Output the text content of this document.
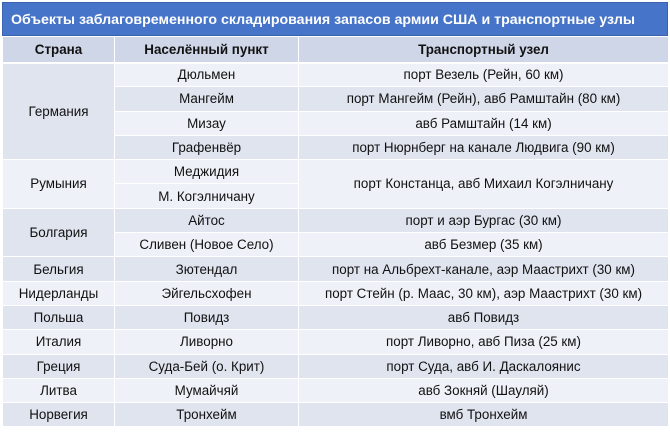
Объекты заблаговременного складирования запасов армии США и транспортные узлы
Страна	Населённый пункт	Транспортный узел
Германия	Дюльмен	порт Везель (Рейн, 60 км)
	Мангейм	порт Мангейм (Рейн), авб Рамштайн (80 км)
	Мизау	авб Рамштайн (14 км)
	Графенвёр	порт Нюрнберг на канале Людвига (90 км)
Румыния	Меджидия	порт Констанца, авб Михаил Когэлничану
	М. Когэлничану	
Болгария	Айтос	порт и аэр Бургас (30 км)
	Сливен (Новое Село)	авб Безмер (35 км)
Бельгия	Зютендал	порт на Альбрехт-канале, аэр Маастрихт (30 км)
Нидерланды	Эйгельсхофен	порт Стейн (р. Маас, 30 км), аэр Маастрихт (30 км)
Польша	Повидз	авб Повидз
Италия	Ливорно	порт Ливорно, авб Пиза (25 км)
Греция	Суда-Бей (о. Крит)	порт Суда, авб И. Даскалоянис
Литва	Мумайчяй	авб Зокняй (Шауляй)
Норвегия	Тронхейм	вмб Тронхейм
